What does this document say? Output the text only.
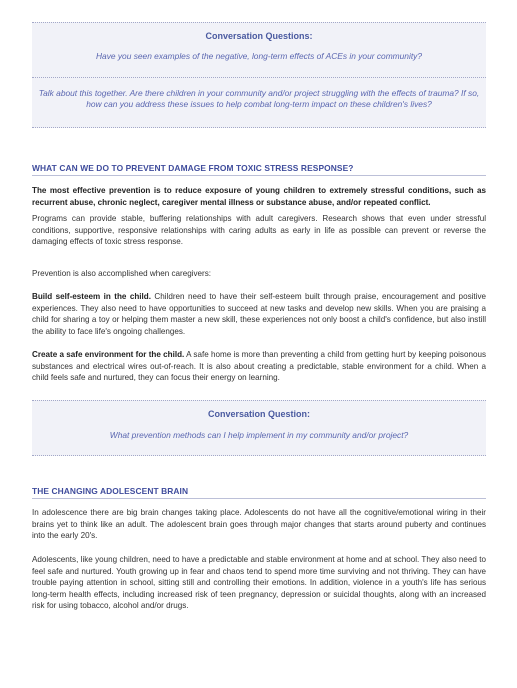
Conversation Questions:
Have you seen examples of the negative, long-term effects of ACEs in your community?
Talk about this together. Are there children in your community and/or project struggling with the effects of trauma? If so, how can you address these issues to help combat long-term impact on these children's lives?
WHAT CAN WE DO TO PREVENT DAMAGE FROM TOXIC STRESS RESPONSE?
The most effective prevention is to reduce exposure of young children to extremely stressful conditions, such as recurrent abuse, chronic neglect, caregiver mental illness or substance abuse, and/or repeated conflict.
Programs can provide stable, buffering relationships with adult caregivers. Research shows that even under stressful conditions, supportive, responsive relationships with caring adults as early in life as possible can prevent or reverse the damaging effects of toxic stress response.
Prevention is also accomplished when caregivers:
Build self-esteem in the child. Children need to have their self-esteem built through praise, encouragement and positive experiences. They also need to have opportunities to succeed at new tasks and develop new skills. When you are praising a child for sharing a toy or helping them master a new skill, these experiences not only boost a child's confidence, but also instill the ability to face life's ongoing challenges.
Create a safe environment for the child. A safe home is more than preventing a child from getting hurt by keeping poisonous substances and electrical wires out-of-reach. It is also about creating a predictable, stable environment for a child. When a child feels safe and nurtured, they can focus their energy on learning.
Conversation Question:
What prevention methods can I help implement in my community and/or project?
THE CHANGING ADOLESCENT BRAIN
In adolescence there are big brain changes taking place. Adolescents do not have all the cognitive/emotional wiring in their brains yet to think like an adult. The adolescent brain goes through major changes that starts around puberty and continues into the early 20's.
Adolescents, like young children, need to have a predictable and stable environment at home and at school. They also need to feel safe and nurtured. Youth growing up in fear and chaos tend to spend more time surviving and not thriving. They can have trouble paying attention in school, sitting still and controlling their emotions. In addition, violence in a youth's life has serious long-term health effects, including increased risk of teen pregnancy, depression or suicidal thoughts, along with an increased risk for using tobacco, alcohol and/or drugs.
